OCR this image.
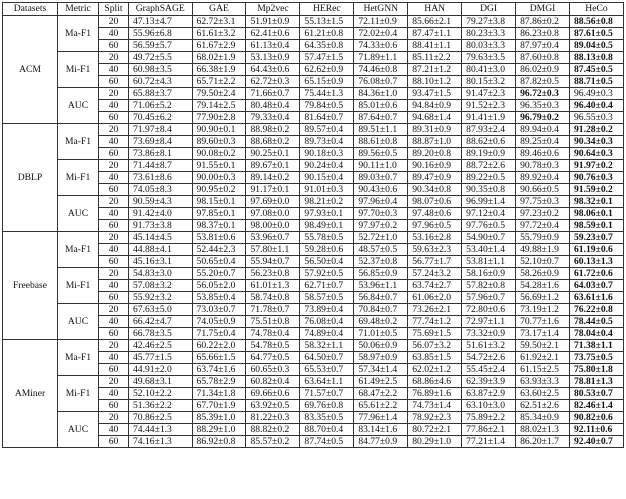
Datasets	Metric	Split	GraphSAGE	GAE	Mp2vec	HERec	HetGNN	HAN	DGI	DMGI	HeCo
ACM	Ma-F1	20	47.13±4.7	62.72±3.1	51.91±0.9	55.13±1.5	72.11±0.9	85.66±2.1	79.27±3.8	87.86±0.2	88.56±0.8
		40	55.96±6.8	61.61±3.2	62.41±0.6	61.21±0.8	72.02±0.4	87.47±1.1	80.23±3.3	86.23±0.8	87.61±0.5
		60	56.59±5.7	61.67±2.9	61.13±0.4	64.35±0.8	74.33±0.6	88.41±1.1	80.03±3.3	87.97±0.4	89.04±0.5
	Mi-F1	20	49.72±5.5	68.02±1.9	53.13±0.9	57.47±1.5	71.89±1.1	85.11±2.2	79.63±3.5	87.60±0.8	88.13±0.8
		40	60.98±3.5	66.38±1.9	64.43±0.6	62.62±0.9	74.46±0.8	87.21±1.2	80.41±3.0	86.02±0.9	87.45±0.5
		60	60.72±4.3	65.71±2.2	62.72±0.3	65.15±0.9	76.08±0.7	88.10±1.2	80.15±3.2	87.82±0.5	88.71±0.5
	AUC	20	65.88±3.7	79.50±2.4	71.66±0.7	75.44±1.3	84.36±1.0	93.47±1.5	91.47±2.3	96.72±0.3	96.49±0.3
		40	71.06±5.2	79.14±2.5	80.48±0.4	79.84±0.5	85.01±0.6	94.84±0.9	91.52±2.3	96.35±0.3	96.40±0.4
		60	70.45±6.2	77.90±2.8	79.33±0.4	81.64±0.7	87.64±0.7	94.68±1.4	91.41±1.9	96.79±0.2	96.55±0.3
DBLP	Ma-F1	20	71.97±8.4	90.90±0.1	88.98±0.2	89.57±0.4	89.51±1.1	89.31±0.9	87.93±2.4	89.94±0.4	91.28±0.2
		40	73.69±8.4	89.60±0.3	88.68±0.2	89.73±0.4	88.61±0.8	88.87±1.0	88.62±0.6	89.25±0.4	90.34±0.3
		60	73.86±8.1	90.08±0.2	90.25±0.1	90.18±0.3	89.56±0.5	89.20±0.8	89.19±0.9	89.46±0.6	90.64±0.3
	Mi-F1	20	71.44±8.7	91.55±0.1	89.67±0.1	90.24±0.4	90.11±1.0	90.16±0.9	88.72±2.6	90.78±0.3	91.97±0.2
		40	73.61±8.6	90.00±0.3	89.14±0.2	90.15±0.4	89.03±0.7	89.47±0.9	89.22±0.5	89.92±0.4	90.76±0.3
		60	74.05±8.3	90.95±0.2	91.17±0.1	91.01±0.3	90.43±0.6	90.34±0.8	90.35±0.8	90.66±0.5	91.59±0.2
	AUC	20	90.59±4.3	98.15±0.1	97.69±0.0	98.21±0.2	97.96±0.4	98.07±0.6	96.99±1.4	97.75±0.3	98.32±0.1
		40	91.42±4.0	97.85±0.1	97.08±0.0	97.93±0.1	97.70±0.3	97.48±0.6	97.12±0.4	97.23±0.2	98.06±0.1
		60	91.73±3.8	98.37±0.1	98.00±0.0	98.49±0.1	97.97±0.2	97.96±0.5	97.76±0.5	97.72±0.4	98.59±0.1
Freebase	Ma-F1	20	45.14±4.5	53.81±0.6	53.96±0.7	55.78±0.5	52.72±1.0	53.16±2.8	54.90±0.7	55.79±0.9	59.23±0.7
		40	44.88±4.1	52.44±2.3	57.80±1.1	59.28±0.6	48.57±0.5	59.63±2.3	53.40±1.4	49.88±1.9	61.19±0.6
		60	45.16±3.1	50.65±0.4	55.94±0.7	56.50±0.4	52.37±0.8	56.77±1.7	53.81±1.1	52.10±0.7	60.13±1.3
	Mi-F1	20	54.83±3.0	55.20±0.7	56.23±0.8	57.92±0.5	56.85±0.9	57.24±3.2	58.16±0.9	58.26±0.9	61.72±0.6
		40	57.08±3.2	56.05±2.0	61.01±1.3	62.71±0.7	53.96±1.1	63.74±2.7	57.82±0.8	54.28±1.6	64.03±0.7
		60	55.92±3.2	53.85±0.4	58.74±0.8	58.57±0.5	56.84±0.7	61.06±2.0	57.96±0.7	56.69±1.2	63.61±1.6
	AUC	20	67.63±5.0	73.03±0.7	71.78±0.7	73.89±0.4	70.84±0.7	73.26±2.1	72.80±0.6	73.19±1.2	76.22±0.8
		40	66.42±4.7	74.05±0.9	75.51±0.8	76.08±0.4	69.48±0.2	77.74±1.2	72.97±1.1	70.77±1.6	78.44±0.5
		60	66.78±3.5	71.75±0.4	74.78±0.4	74.89±0.4	71.01±0.5	75.69±1.5	73.32±0.9	73.17±1.4	78.04±0.4
AMiner	Ma-F1	20	42.46±2.5	60.22±2.0	54.78±0.5	58.32±1.1	50.06±0.9	56.07±3.2	51.61±3.2	59.50±2.1	71.38±1.1
		40	45.77±1.5	65.66±1.5	64.77±0.5	64.50±0.7	58.97±0.9	63.85±1.5	54.72±2.6	61.92±2.1	73.75±0.5
		60	44.91±2.0	63.74±1.6	60.65±0.3	65.53±0.7	57.34±1.4	62.02±1.2	55.45±2.4	61.15±2.5	75.80±1.8
	Mi-F1	20	49.68±3.1	65.78±2.9	60.82±0.4	63.64±1.1	61.49±2.5	68.86±4.6	62.39±3.9	63.93±3.3	78.81±1.3
		40	52.10±2.2	71.34±1.8	69.66±0.6	71.57±0.7	68.47±2.2	76.89±1.6	63.87±2.9	63.60±2.5	80.53±0.7
		60	51.36±2.2	67.70±1.9	63.92±0.5	69.76±0.8	65.61±2.2	74.73±1.4	63.10±3.0	62.51±2.6	82.46±1.4
	AUC	20	70.86±2.5	85.39±1.0	81.22±0.3	83.35±0.5	77.96±1.4	78.92±2.3	75.89±2.2	85.34±0.9	90.82±0.6
		40	74.44±1.3	88.29±1.0	88.82±0.2	88.70±0.4	83.14±1.6	80.72±2.1	77.86±2.1	88.02±1.3	92.11±0.6
		60	74.16±1.3	86.92±0.8	85.57±0.2	87.74±0.5	84.77±0.9	80.29±1.0	77.21±1.4	86.20±1.7	92.40±0.7
